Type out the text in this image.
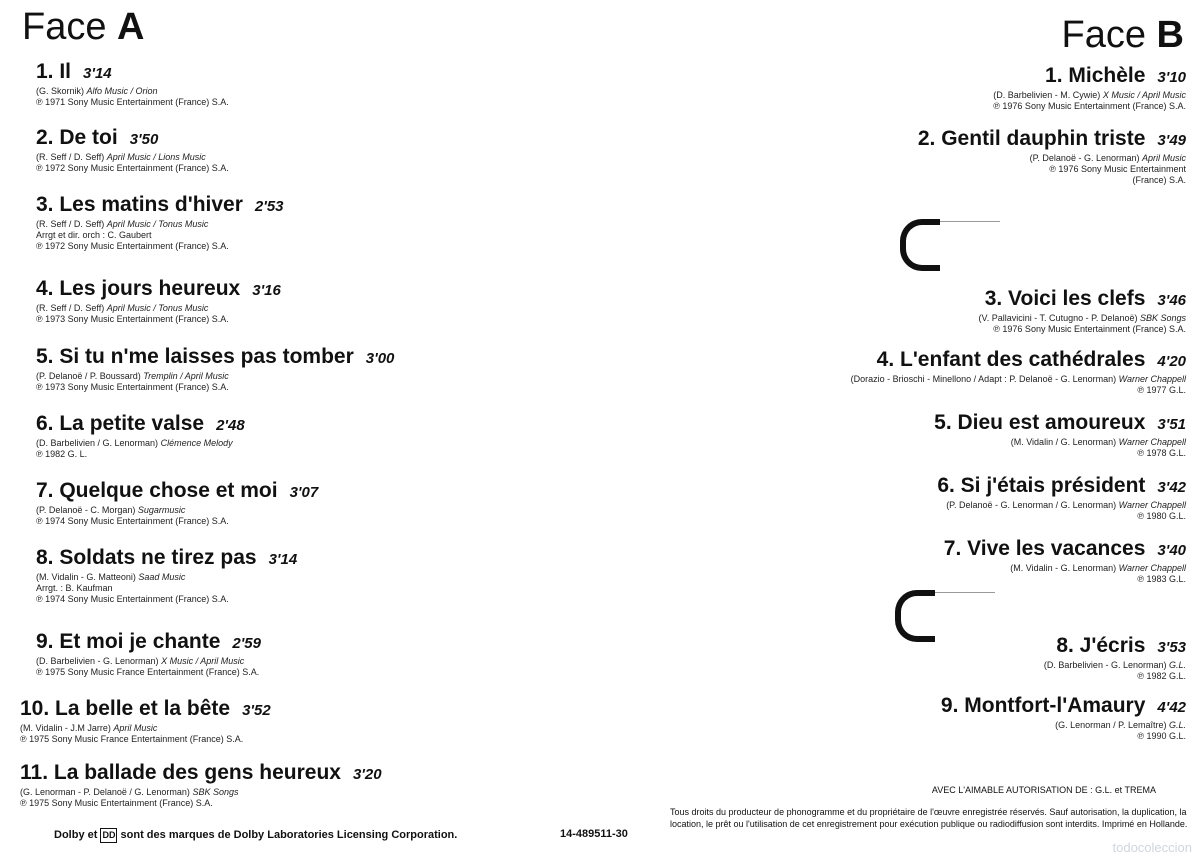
Face A	Face B
1. Il 3'14
(G. Skornik) Alfo Music / Orion
℗ 1971 Sony Music Entertainment (France) S.A.
2. De toi 3'50
(R. Seff / D. Seff) April Music / Lions Music
℗ 1972 Sony Music Entertainment (France) S.A.
3. Les matins d'hiver 2'53
(R. Seff / D. Seff) April Music / Tonus Music
Arrgt et dir. orch : C. Gaubert
℗ 1972 Sony Music Entertainment (France) S.A.
4. Les jours heureux 3'16
(R. Seff / D. Seff) April Music / Tonus Music
℗ 1973 Sony Music Entertainment (France) S.A.
5. Si tu n'me laisses pas tomber 3'00
(P. Delanoë / P. Boussard) Tremplin / April Music
℗ 1973 Sony Music Entertainment (France) S.A.
6. La petite valse 2'48
(D. Barbelivien / G. Lenorman) Clémence Melody
℗ 1982 G. L.
7. Quelque chose et moi 3'07
(P. Delanoë - C. Morgan) Sugarmusic
℗ 1974 Sony Music Entertainment (France) S.A.
8. Soldats ne tirez pas 3'14
(M. Vidalin - G. Matteoni) Saad Music
Arrgt. : B. Kaufman
℗ 1974 Sony Music Entertainment (France) S.A.
9. Et moi je chante 2'59
(D. Barbelivien - G. Lenorman) X Music / April Music
℗ 1975 Sony Music France Entertainment (France) S.A.
10. La belle et la bête 3'52
(M. Vidalin - J.M Jarre) April Music
℗ 1975 Sony Music France Entertainment (France) S.A.
11. La ballade des gens heureux 3'20
(G. Lenorman - P. Delanoë / G. Lenorman) SBK Songs
℗ 1975 Sony Music Entertainment (France) S.A.
1. Michèle 3'10
(D. Barbelivien - M. Cywie) X Music / April Music
℗ 1976 Sony Music Entertainment (France) S.A.
2. Gentil dauphin triste 3'49
(P. Delanoë - G. Lenorman) April Music
℗ 1976 Sony Music Entertainment
(France) S.A.
3. Voici les clefs 3'46
(V. Pallavicini - T. Cutugno - P. Delanoë) SBK Songs
℗ 1976 Sony Music Entertainment (France) S.A.
4. L'enfant des cathédrales 4'20
(Dorazio - Brioschi - Minellono / Adapt : P. Delanoë - G. Lenorman) Warner Chappell
℗ 1977 G.L.
5. Dieu est amoureux 3'51
(M. Vidalin / G. Lenorman) Warner Chappell
℗ 1978 G.L.
6. Si j'étais président 3'42
(P. Delanoë - G. Lenorman / G. Lenorman) Warner Chappell
℗ 1980 G.L.
7. Vive les vacances 3'40
(M. Vidalin - G. Lenorman) Warner Chappell
℗ 1983 G.L.
8. J'écris 3'53
(D. Barbelivien - G. Lenorman) G.L.
℗ 1982 G.L.
9. Montfort-l'Amaury 4'42
(G. Lenorman / P. Lemaître) G.L.
℗ 1990 G.L.
AVEC L'AIMABLE AUTORISATION DE : G.L. et TREMA
Tous droits du producteur de phonogramme et du propriétaire de l'œuvre enregistrée réservés. Sauf autorisation, la duplication, la location, le prêt ou l'utilisation de cet enregistrement pour exécution publique ou radiodiffusion sont interdits. Imprimé en Hollande.
Dolby et DD sont des marques de Dolby Laboratories Licensing Corporation.	14-489511-30
todocoleccion
